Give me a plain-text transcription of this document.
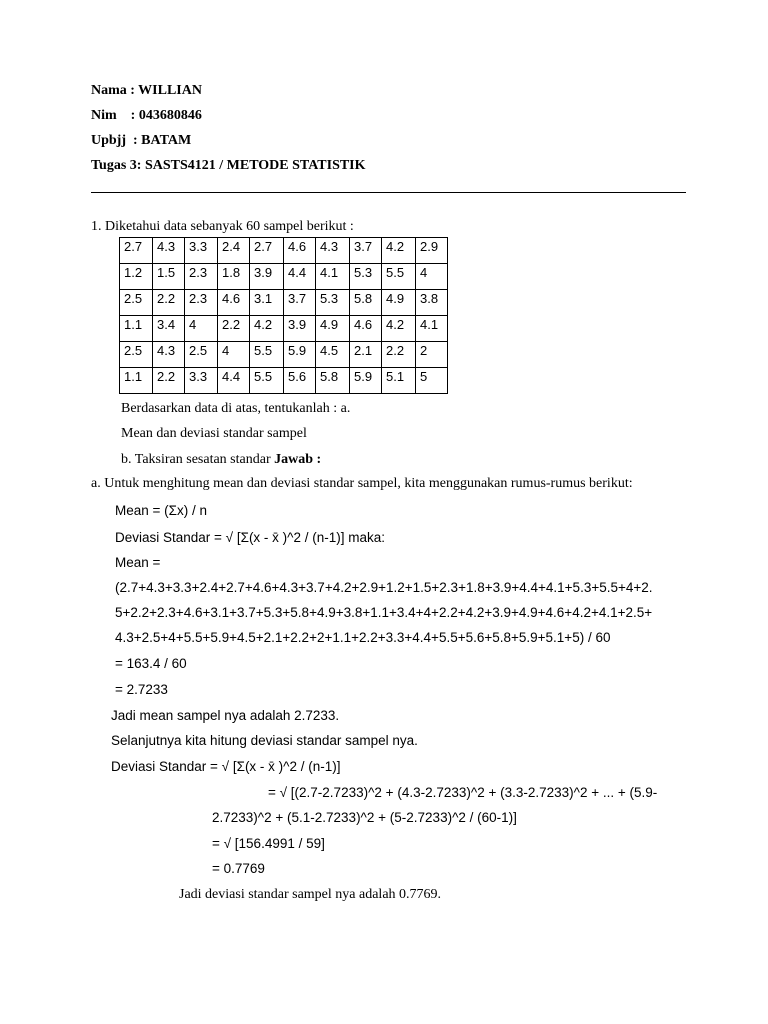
Nama : WILLIAN
Nim    : 043680846
Upbjj  : BATAM
Tugas 3: SASTS4121 / METODE STATISTIK
1. Diketahui data sebanyak 60 sampel berikut :
2.7	4.3	3.3	2.4	2.7	4.6	4.3	3.7	4.2	2.9
1.2	1.5	2.3	1.8	3.9	4.4	4.1	5.3	5.5	4
2.5	2.2	2.3	4.6	3.1	3.7	5.3	5.8	4.9	3.8
1.1	3.4	4	2.2	4.2	3.9	4.9	4.6	4.2	4.1
2.5	4.3	2.5	4	5.5	5.9	4.5	2.1	2.2	2
1.1	2.2	3.3	4.4	5.5	5.6	5.8	5.9	5.1	5
Berdasarkan data di atas, tentukanlah : a.
Mean dan deviasi standar sampel
b. Taksiran sesatan standar Jawab :
a. Untuk menghitung mean dan deviasi standar sampel, kita menggunakan rumus-rumus berikut:
Mean = (Σx) / n
Deviasi Standar = √ [Σ(x - x̄ )^2 / (n-1)] maka:
Mean =
(2.7+4.3+3.3+2.4+2.7+4.6+4.3+3.7+4.2+2.9+1.2+1.5+2.3+1.8+3.9+4.4+4.1+5.3+5.5+4+2.
5+2.2+2.3+4.6+3.1+3.7+5.3+5.8+4.9+3.8+1.1+3.4+4+2.2+4.2+3.9+4.9+4.6+4.2+4.1+2.5+
4.3+2.5+4+5.5+5.9+4.5+2.1+2.2+2+1.1+2.2+3.3+4.4+5.5+5.6+5.8+5.9+5.1+5) / 60
= 163.4 / 60
= 2.7233
Jadi mean sampel nya adalah 2.7233.
Selanjutnya kita hitung deviasi standar sampel nya.
Deviasi Standar = √ [Σ(x - x̄ )^2 / (n-1)]
= √ [(2.7-2.7233)^2 + (4.3-2.7233)^2 + (3.3-2.7233)^2 + ... + (5.9-
2.7233)^2 + (5.1-2.7233)^2 + (5-2.7233)^2 / (60-1)]
= √ [156.4991 / 59]
= 0.7769
Jadi deviasi standar sampel nya adalah 0.7769.
